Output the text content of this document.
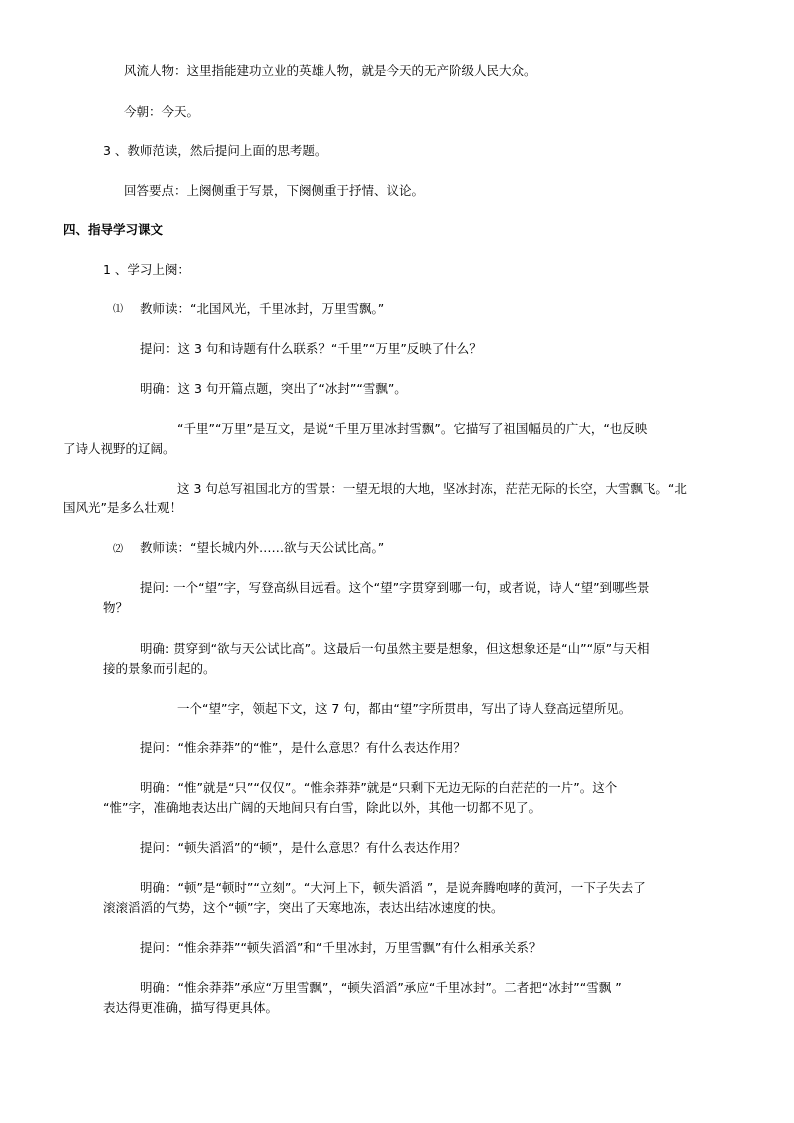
风流人物：这里指能建功立业的英雄人物，就是今天的无产阶级人民大众。
今朝：今天。
3 、教师范读，然后提问上面的思考题。
回答要点：上阕侧重于写景，下阕侧重于抒情、议论。
四、指导学习课文
1 、学习上阕：
⑴ 教师读：“北国风光，千里冰封，万里雪飘。”
提问：这 3 句和诗题有什么联系？“千里”“万里”反映了什么？
明确：这 3 句开篇点题，突出了“冰封”“雪飘”。
“千里”“万里”是互文，是说“千里万里冰封雪飘”。它描写了祖国幅员的广大，“也反映
了诗人视野的辽阔。
这 3 句总写祖国北方的雪景：一望无垠的大地，坚冰封冻，茫茫无际的长空，大雪飘飞。“北
国风光”是多么壮观！
⑵ 教师读：“望长城内外……欲与天公试比高。”
提问: 一个“望”字，写登高纵目远看。这个“望”字贯穿到哪一句，或者说，诗人“望”到哪些景
物？
明确: 贯穿到“欲与天公试比高”。这最后一句虽然主要是想象，但这想象还是“山”“原”与天相
接的景象而引起的。
一个“望”字，领起下文，这 7 句，都由“望”字所贯串，写出了诗人登高远望所见。
提问：“惟余莽莽”的“惟”，是什么意思？有什么表达作用？
明确：“惟”就是“只”“仅仅”。“惟余莽莽”就是“只剩下无边无际的白茫茫的一片”。这个
“惟”字，准确地表达出广阔的天地间只有白雪，除此以外，其他一切都不见了。
提问：“顿失滔滔”的“顿”，是什么意思？有什么表达作用？
明确：“顿”是“顿时”“立刻”。“大河上下，顿失滔滔 ”，是说奔腾咆哮的黄河，一下子失去了
滚滚滔滔的气势，这个“顿”字，突出了天寒地冻，表达出结冰速度的快。
提问：“惟余莽莽”“顿失滔滔”和“千里冰封，万里雪飘”有什么相承关系？
明确：“惟余莽莽”承应“万里雪飘”，“顿失滔滔”承应“千里冰封”。二者把“冰封”“雪飘 ”
表达得更准确，描写得更具体。
